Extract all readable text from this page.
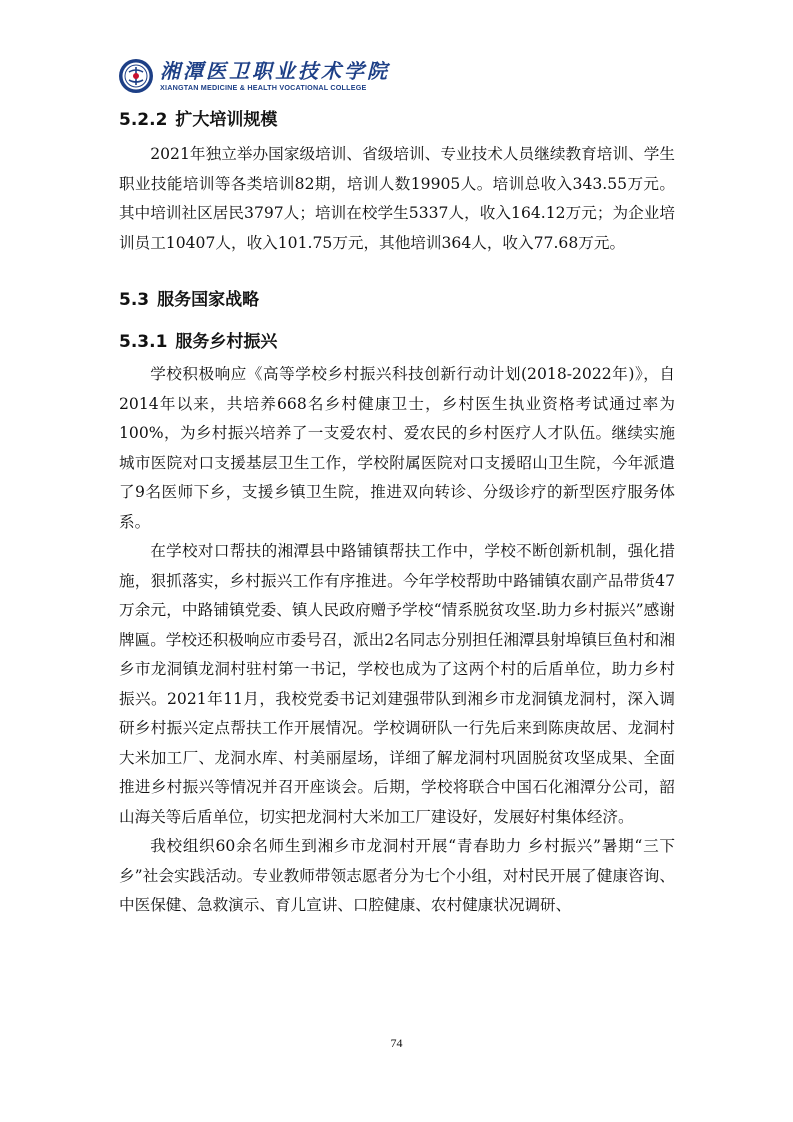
湘潭医卫职业技术学院
XIANGTAN MEDICINE & HEALTH VOCATIONAL COLLEGE
5.2.2 扩大培训规模

2021年独立举办国家级培训、省级培训、专业技术人员继续教育培训、学生职业技能培训等各类培训82期，培训人数19905人。培训总收入343.55万元。其中培训社区居民3797人；培训在校学生5337人，收入164.12万元；为企业培训员工10407人，收入101.75万元，其他培训364人，收入77.68万元。

5.3 服务国家战略
5.3.1 服务乡村振兴

学校积极响应《高等学校乡村振兴科技创新行动计划(2018-2022年)》，自2014年以来，共培养668名乡村健康卫士，乡村医生执业资格考试通过率为100%，为乡村振兴培养了一支爱农村、爱农民的乡村医疗人才队伍。继续实施城市医院对口支援基层卫生工作，学校附属医院对口支援昭山卫生院，今年派遣了9名医师下乡，支援乡镇卫生院，推进双向转诊、分级诊疗的新型医疗服务体系。

在学校对口帮扶的湘潭县中路铺镇帮扶工作中，学校不断创新机制，强化措施，狠抓落实，乡村振兴工作有序推进。今年学校帮助中路铺镇农副产品带货47万余元，中路铺镇党委、镇人民政府赠予学校“情系脱贫攻坚.助力乡村振兴”感谢牌匾。学校还积极响应市委号召，派出2名同志分别担任湘潭县射埠镇巨鱼村和湘乡市龙洞镇龙洞村驻村第一书记，学校也成为了这两个村的后盾单位，助力乡村振兴。2021年11月，我校党委书记刘建强带队到湘乡市龙洞镇龙洞村，深入调研乡村振兴定点帮扶工作开展情况。学校调研队一行先后来到陈庚故居、龙洞村大米加工厂、龙洞水库、村美丽屋场，详细了解龙洞村巩固脱贫攻坚成果、全面推进乡村振兴等情况并召开座谈会。后期，学校将联合中国石化湘潭分公司，韶山海关等后盾单位，切实把龙洞村大米加工厂建设好，发展好村集体经济。

我校组织60余名师生到湘乡市龙洞村开展“青春助力 乡村振兴”暑期“三下乡”社会实践活动。专业教师带领志愿者分为七个小组，对村民开展了健康咨询、中医保健、急救演示、育儿宣讲、口腔健康、农村健康状况调研、

74
